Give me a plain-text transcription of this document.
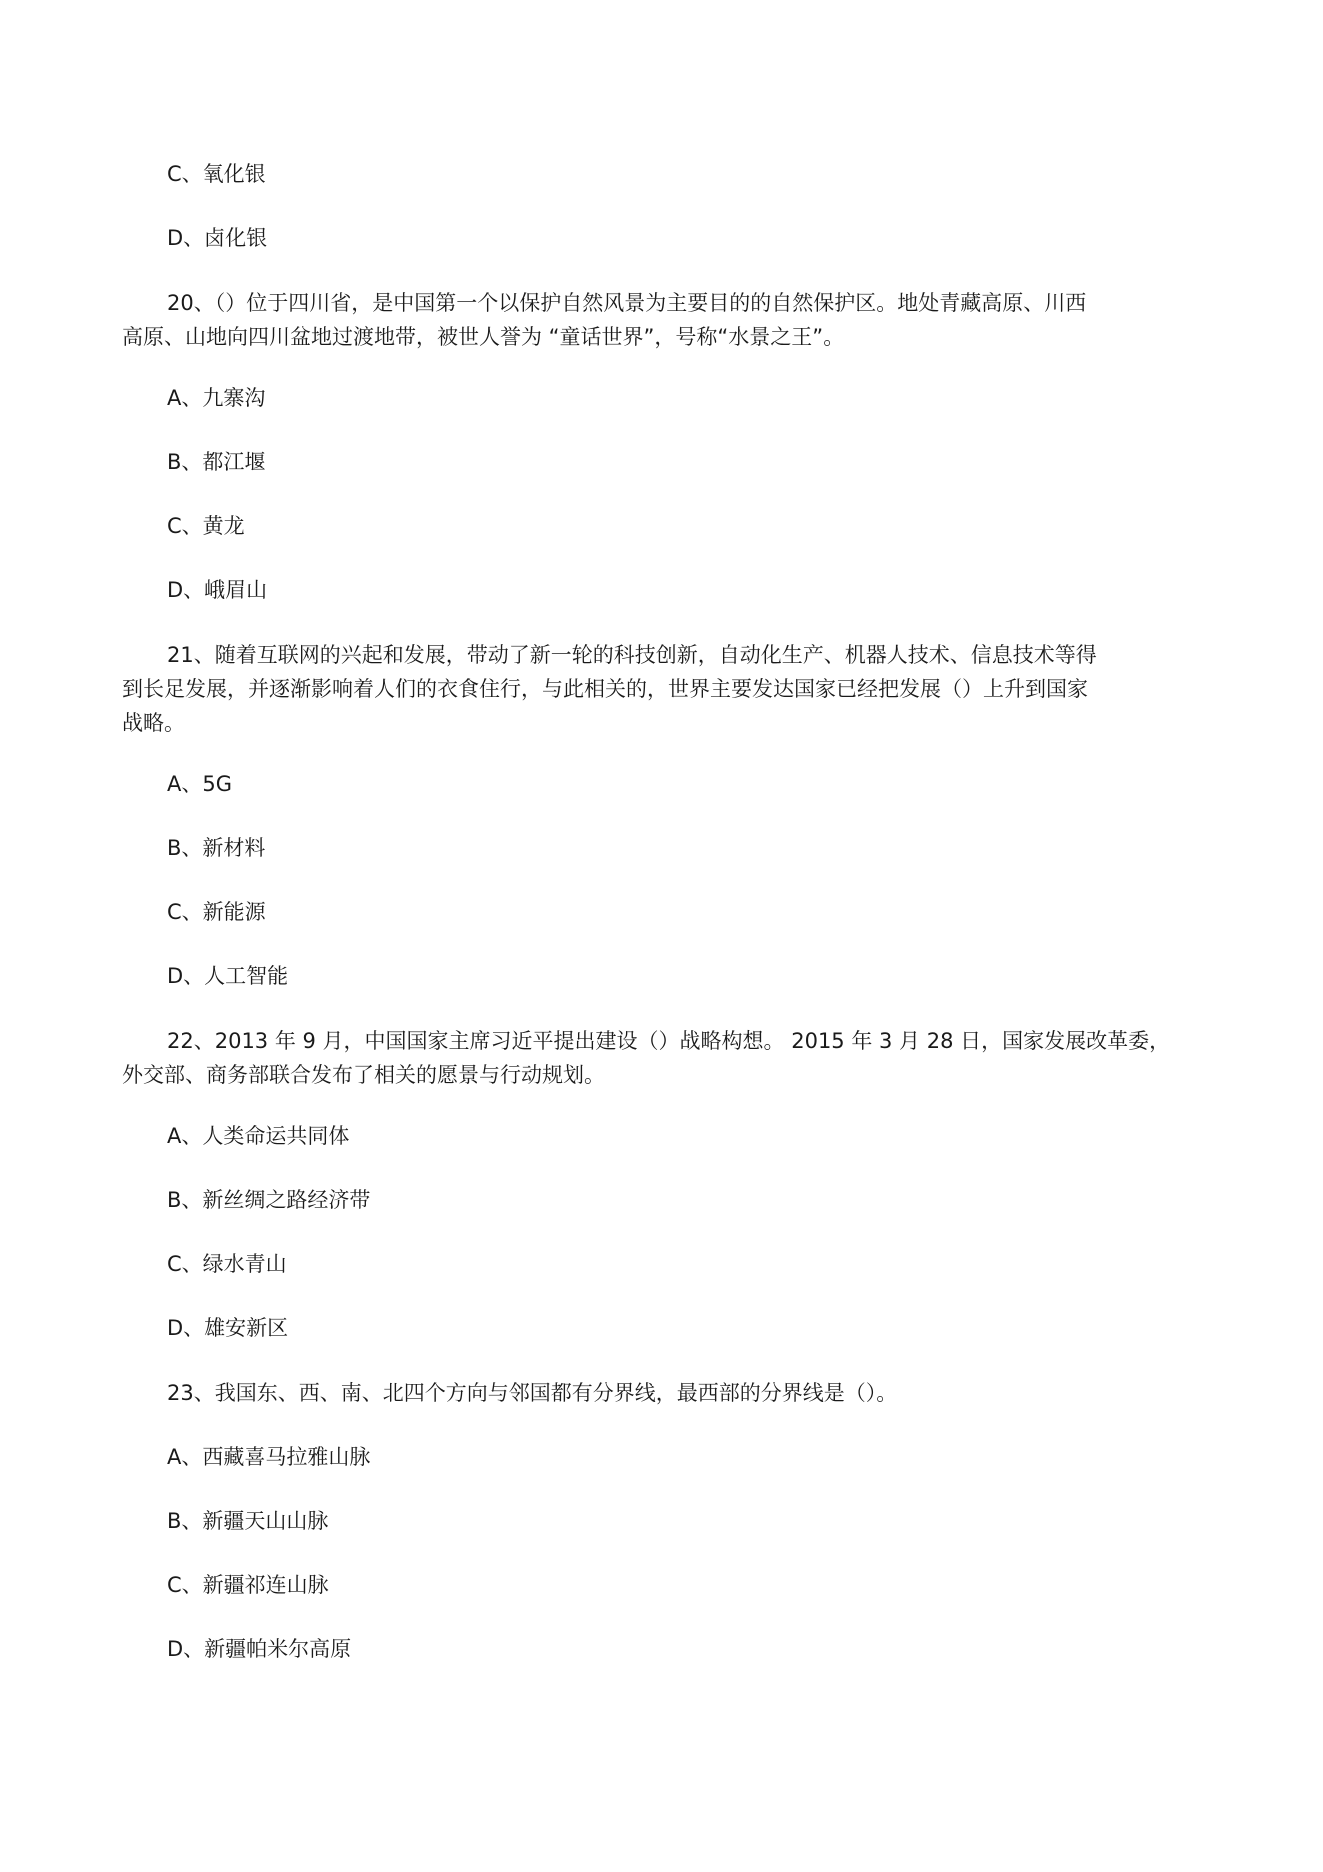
C、氧化银

D、卤化银

20、（）位于四川省，是中国第一个以保护自然风景为主要目的的自然保护区。地处青藏高原、川西
高原、山地向四川盆地过渡地带，被世人誉为 “童话世界”，号称“水景之王”。

A、九寨沟

B、都江堰

C、黄龙

D、峨眉山

21、随着互联网的兴起和发展，带动了新一轮的科技创新，自动化生产、机器人技术、信息技术等得
到长足发展，并逐渐影响着人们的衣食住行，与此相关的，世界主要发达国家已经把发展（）上升到国家
战略。

A、5G

B、新材料

C、新能源

D、人工智能

22、2013 年 9 月，中国国家主席习近平提出建设（）战略构想。 2015 年 3 月 28 日，国家发展改革委，
外交部、商务部联合发布了相关的愿景与行动规划。

A、人类命运共同体

B、新丝绸之路经济带

C、绿水青山

D、雄安新区

23、我国东、西、南、北四个方向与邻国都有分界线，最西部的分界线是（）。

A、西藏喜马拉雅山脉

B、新疆天山山脉

C、新疆祁连山脉

D、新疆帕米尔高原
